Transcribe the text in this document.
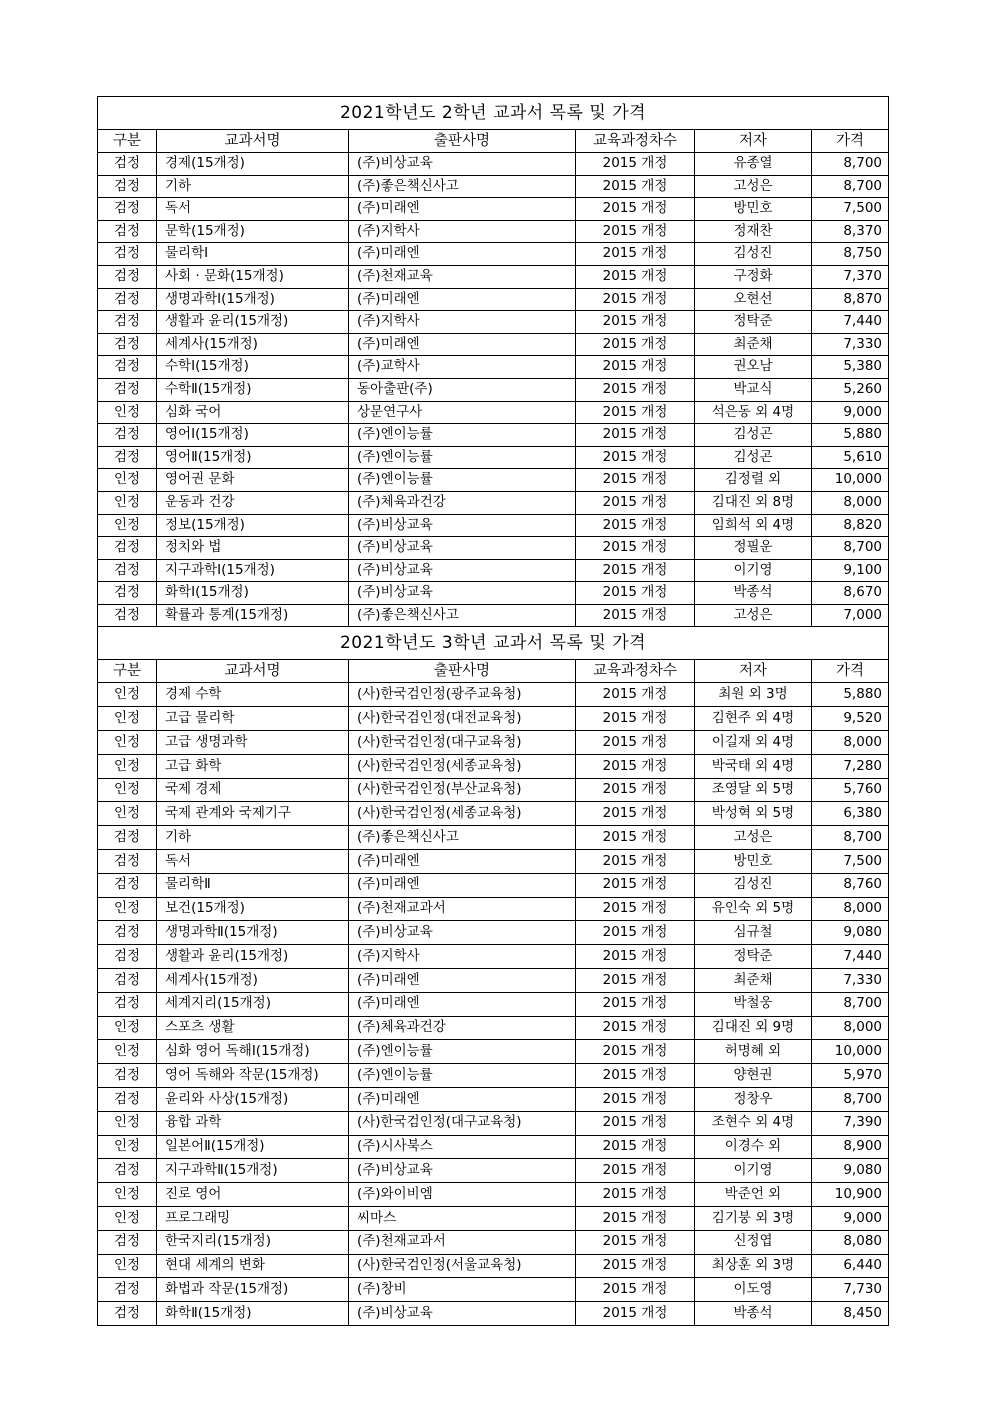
2021학년도 2학년 교과서 목록 및 가격					
구분	교과서명	출판사명	교육과정차수	저자	가격
검정	경제(15개정)	(주)비상교육	2015 개정	유종열	8,700
검정	기하	(주)좋은책신사고	2015 개정	고성은	8,700
검정	독서	(주)미래엔	2015 개정	방민호	7,500
검정	문학(15개정)	(주)지학사	2015 개정	정재찬	8,370
검정	물리학Ⅰ	(주)미래엔	2015 개정	김성진	8,750
검정	사회 · 문화(15개정)	(주)천재교육	2015 개정	구정화	7,370
검정	생명과학Ⅰ(15개정)	(주)미래엔	2015 개정	오현선	8,870
검정	생활과 윤리(15개정)	(주)지학사	2015 개정	정탁준	7,440
검정	세계사(15개정)	(주)미래엔	2015 개정	최준채	7,330
검정	수학Ⅰ(15개정)	(주)교학사	2015 개정	권오남	5,380
검정	수학Ⅱ(15개정)	동아출판(주)	2015 개정	박교식	5,260
인정	심화 국어	상문연구사	2015 개정	석은동 외 4명	9,000
검정	영어Ⅰ(15개정)	(주)엔이능률	2015 개정	김성곤	5,880
검정	영어Ⅱ(15개정)	(주)엔이능률	2015 개정	김성곤	5,610
인정	영어권 문화	(주)엔이능률	2015 개정	김정렬 외	10,000
인정	운동과 건강	(주)체육과건강	2015 개정	김대진 외 8명	8,000
인정	정보(15개정)	(주)비상교육	2015 개정	임희석 외 4명	8,820
검정	정치와 법	(주)비상교육	2015 개정	정필운	8,700
검정	지구과학Ⅰ(15개정)	(주)비상교육	2015 개정	이기영	9,100
검정	화학Ⅰ(15개정)	(주)비상교육	2015 개정	박종석	8,670
검정	확률과 통계(15개정)	(주)좋은책신사고	2015 개정	고성은	7,000
2021학년도 3학년 교과서 목록 및 가격					
구분	교과서명	출판사명	교육과정차수	저자	가격
인정	경제 수학	(사)한국검인정(광주교육청)	2015 개정	최원 외 3명	5,880
인정	고급 물리학	(사)한국검인정(대전교육청)	2015 개정	김현주 외 4명	9,520
인정	고급 생명과학	(사)한국검인정(대구교육청)	2015 개정	이길재 외 4명	8,000
인정	고급 화학	(사)한국검인정(세종교육청)	2015 개정	박국태 외 4명	7,280
인정	국제 경제	(사)한국검인정(부산교육청)	2015 개정	조영달 외 5명	5,760
인정	국제 관계와 국제기구	(사)한국검인정(세종교육청)	2015 개정	박성혁 외 5명	6,380
검정	기하	(주)좋은책신사고	2015 개정	고성은	8,700
검정	독서	(주)미래엔	2015 개정	방민호	7,500
검정	물리학Ⅱ	(주)미래엔	2015 개정	김성진	8,760
인정	보건(15개정)	(주)천재교과서	2015 개정	유인숙 외 5명	8,000
검정	생명과학Ⅱ(15개정)	(주)비상교육	2015 개정	심규철	9,080
검정	생활과 윤리(15개정)	(주)지학사	2015 개정	정탁준	7,440
검정	세계사(15개정)	(주)미래엔	2015 개정	최준채	7,330
검정	세계지리(15개정)	(주)미래엔	2015 개정	박철웅	8,700
인정	스포츠 생활	(주)체육과건강	2015 개정	김대진 외 9명	8,000
인정	심화 영어 독해Ⅰ(15개정)	(주)엔이능률	2015 개정	허명혜 외	10,000
검정	영어 독해와 작문(15개정)	(주)엔이능률	2015 개정	양현권	5,970
검정	윤리와 사상(15개정)	(주)미래엔	2015 개정	정창우	8,700
인정	융합 과학	(사)한국검인정(대구교육청)	2015 개정	조현수 외 4명	7,390
인정	일본어Ⅱ(15개정)	(주)시사북스	2015 개정	이경수 외	8,900
검정	지구과학Ⅱ(15개정)	(주)비상교육	2015 개정	이기영	9,080
인정	진로 영어	(주)와이비엠	2015 개정	박준언 외	10,900
인정	프로그래밍	씨마스	2015 개정	김기붕 외 3명	9,000
검정	한국지리(15개정)	(주)천재교과서	2015 개정	신정엽	8,080
인정	현대 세계의 변화	(사)한국검인정(서울교육청)	2015 개정	최상훈 외 3명	6,440
검정	화법과 작문(15개정)	(주)창비	2015 개정	이도영	7,730
검정	화학Ⅱ(15개정)	(주)비상교육	2015 개정	박종석	8,450
